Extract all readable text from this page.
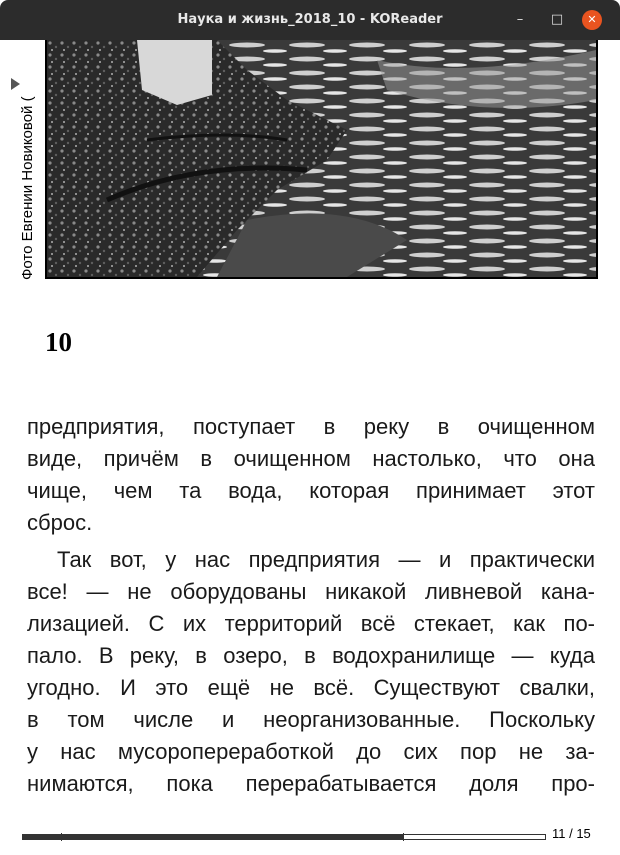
Наука и жизнь_2018_10 - KOReader	–	□	✕
Фото Евгении Новиковой (
10
предприятия, поступает в реку в очищенном
виде, причём в очищенном настолько, что она
чище, чем та вода, которая принимает этот
сброс.
Так вот, у нас предприятия — и практически
все! — не оборудованы никакой ливневой кана-
лизацией. С их территорий всё стекает, как по-
пало. В реку, в озеро, в водохранилище — куда
угодно. И это ещё не всё. Существуют свалки,
в том числе и неорганизованные. Поскольку
у нас мусоропереработкой до сих пор не за-
нимаются, пока перерабатывается доля про-
11 / 15
